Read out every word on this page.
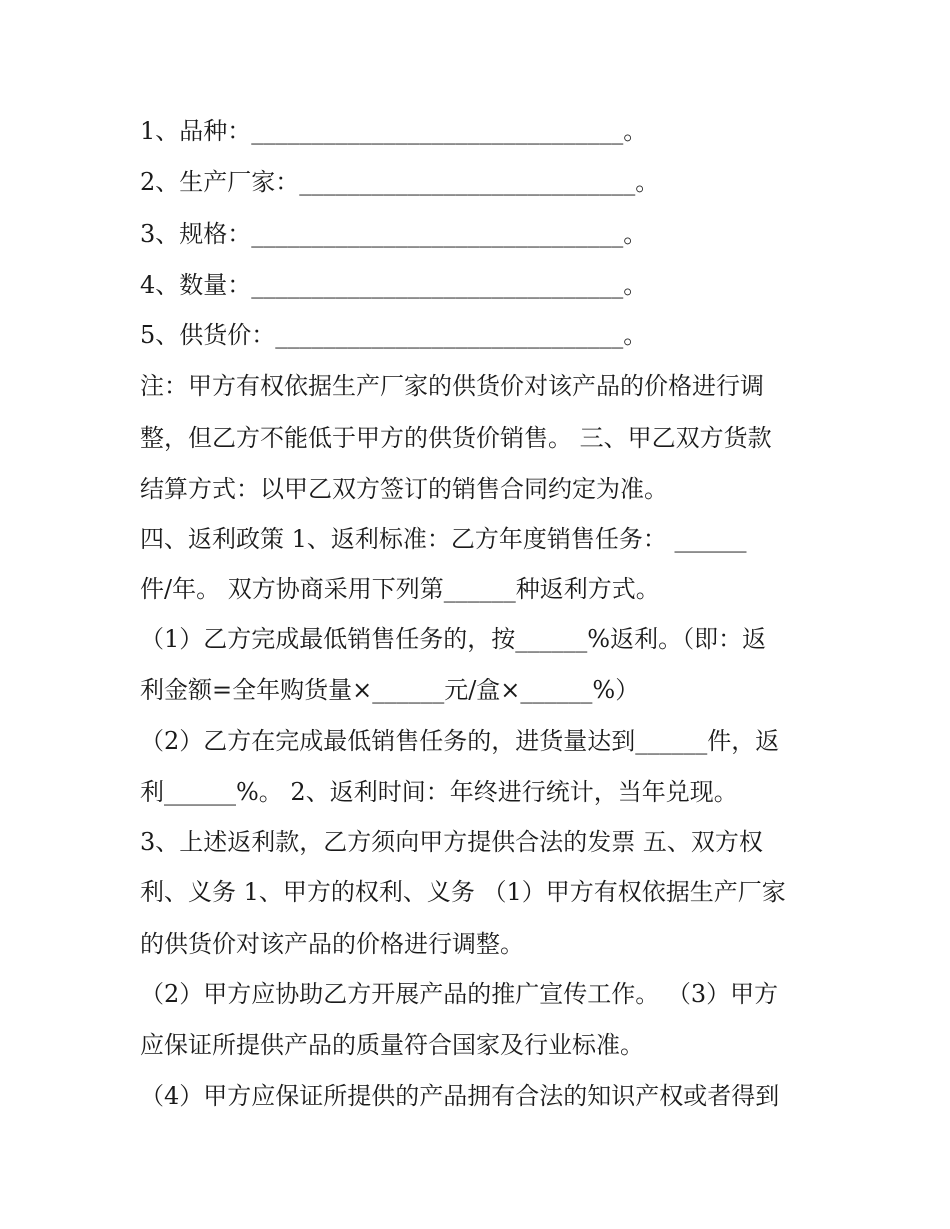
1、品种：_______________________________。

2、生产厂家：____________________________。

3、规格：_______________________________。

4、数量：_______________________________。

5、供货价：_____________________________。

注：甲方有权依据生产厂家的供货价对该产品的价格进行调

整，但乙方不能低于甲方的供货价销售。 三、甲乙双方货款

结算方式：以甲乙双方签订的销售合同约定为准。

四、返利政策 1、返利标准：乙方年度销售任务： ______

件/年。 双方协商采用下列第______种返利方式。

（1）乙方完成最低销售任务的，按______%返利。（即：返

利金额=全年购货量×______元/盒×______%）

（2）乙方在完成最低销售任务的，进货量达到______件，返

利______%。 2、返利时间：年终进行统计，当年兑现。

3、上述返利款，乙方须向甲方提供合法的发票 五、双方权

利、义务 1、甲方的权利、义务 （1）甲方有权依据生产厂家

的供货价对该产品的价格进行调整。

（2）甲方应协助乙方开展产品的推广宣传工作。 （3）甲方

应保证所提供产品的质量符合国家及行业标准。

（4）甲方应保证所提供的产品拥有合法的知识产权或者得到
